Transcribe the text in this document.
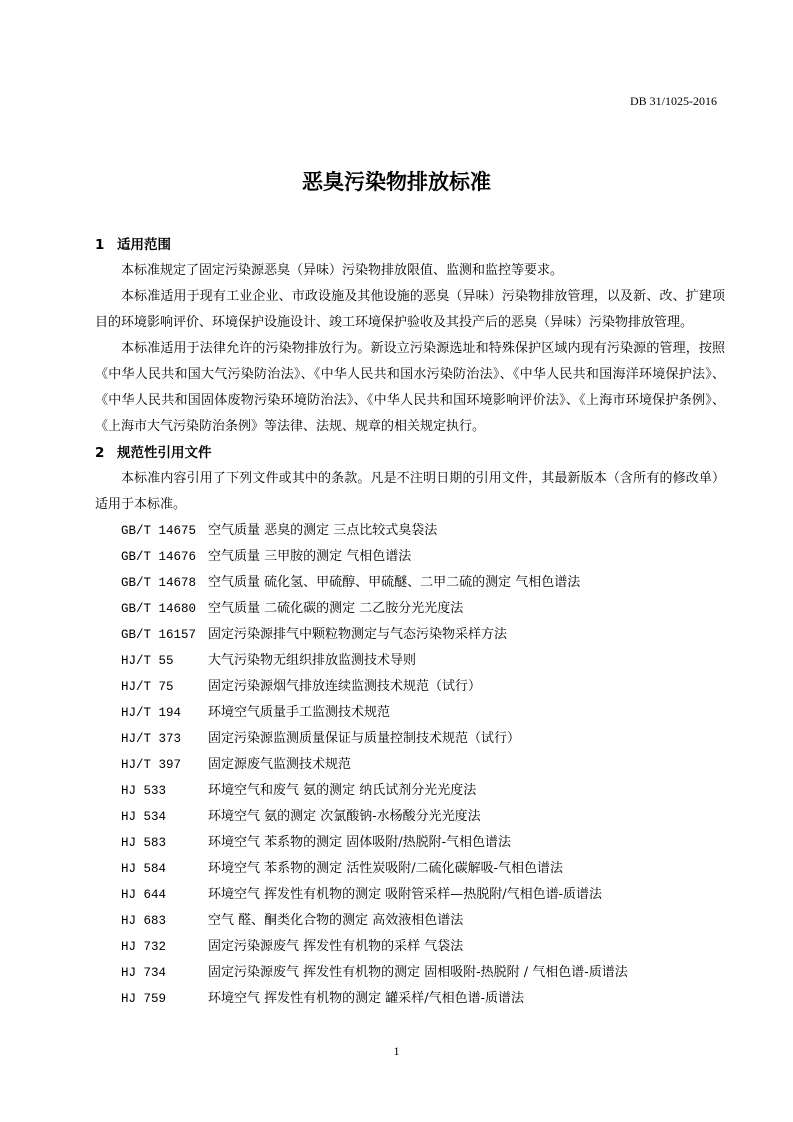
DB 31/1025-2016
恶臭污染物排放标准
1 适用范围
本标准规定了固定污染源恶臭（异味）污染物排放限值、监测和监控等要求。
本标准适用于现有工业企业、市政设施及其他设施的恶臭（异味）污染物排放管理，以及新、改、扩建项目的环境影响评价、环境保护设施设计、竣工环境保护验收及其投产后的恶臭（异味）污染物排放管理。
本标准适用于法律允许的污染物排放行为。新设立污染源选址和特殊保护区域内现有污染源的管理，按照《中华人民共和国大气污染防治法》、《中华人民共和国水污染防治法》、《中华人民共和国海洋环境保护法》、《中华人民共和国固体废物污染环境防治法》、《中华人民共和国环境影响评价法》、《上海市环境保护条例》、《上海市大气污染防治条例》等法律、法规、规章的相关规定执行。
2 规范性引用文件
本标准内容引用了下列文件或其中的条款。凡是不注明日期的引用文件，其最新版本（含所有的修改单）适用于本标准。
GB/T 14675 空气质量 恶臭的测定 三点比较式臭袋法
GB/T 14676 空气质量 三甲胺的测定 气相色谱法
GB/T 14678 空气质量 硫化氢、甲硫醇、甲硫醚、二甲二硫的测定 气相色谱法
GB/T 14680 空气质量 二硫化碳的测定 二乙胺分光光度法
GB/T 16157 固定污染源排气中颗粒物测定与气态污染物采样方法
HJ/T 55	大气污染物无组织排放监测技术导则
HJ/T 75	固定污染源烟气排放连续监测技术规范（试行）
HJ/T 194 环境空气质量手工监测技术规范
HJ/T 373 固定污染源监测质量保证与质量控制技术规范（试行）
HJ/T 397 固定源废气监测技术规范
HJ 533	环境空气和废气 氨的测定 纳氏试剂分光光度法
HJ 534	环境空气 氨的测定 次氯酸钠-水杨酸分光光度法
HJ 583	环境空气 苯系物的测定 固体吸附/热脱附-气相色谱法
HJ 584	环境空气 苯系物的测定 活性炭吸附/二硫化碳解吸-气相色谱法
HJ 644	环境空气 挥发性有机物的测定 吸附管采样—热脱附/气相色谱-质谱法
HJ 683	空气 醛、酮类化合物的测定 高效液相色谱法
HJ 732	固定污染源废气 挥发性有机物的采样 气袋法
HJ 734	固定污染源废气 挥发性有机物的测定 固相吸附-热脱附 / 气相色谱-质谱法
HJ 759	环境空气 挥发性有机物的测定 罐采样/气相色谱-质谱法
1
